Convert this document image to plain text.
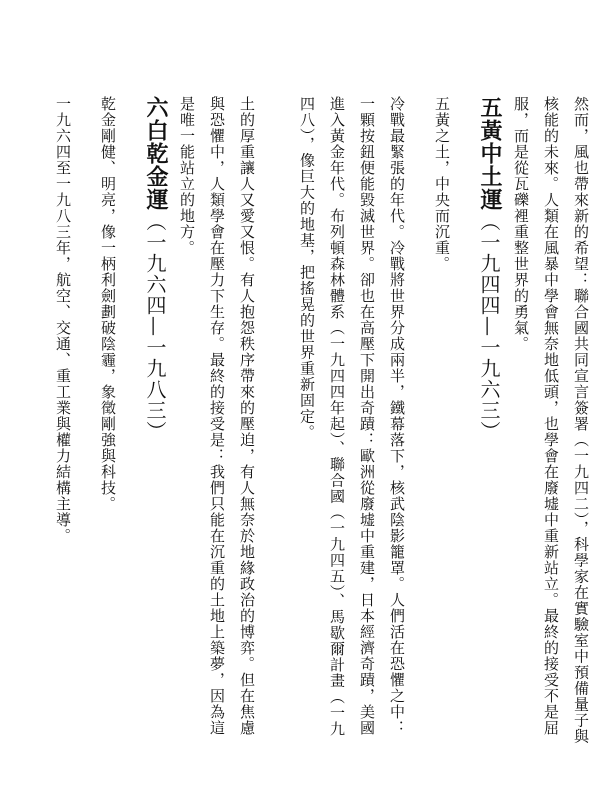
然而，風也帶來新的希望：聯合國共同宣言簽署（一九四二），科學家在實驗室中預備量子與核能的未來。人類在風暴中學會無奈地低頭，也學會在廢墟中重新站立。最終的接受不是屈服，而是從瓦礫裡重整世界的勇氣。

五黃中土運（一九四四—一九六三）

五黃之土，中央而沉重。

冷戰最緊張的年代。冷戰將世界分成兩半，鐵幕落下，核武陰影籠罩。人們活在恐懼之中：一顆按鈕便能毀滅世界。卻也在高壓下開出奇蹟：歐洲從廢墟中重建，日本經濟奇蹟，美國進入黃金年代。布列頓森林體系（一九四四年起）、聯合國（一九四五）、馬歇爾計畫（一九四八），像巨大的地基，把搖晃的世界重新固定。

土的厚重讓人又愛又恨。有人抱怨秩序帶來的壓迫，有人無奈於地緣政治的博弈。但在焦慮與恐懼中，人類學會在壓力下生存。最終的接受是：我們只能在沉重的土地上築夢，因為這是唯一能站立的地方。

六白乾金運（一九六四—一九八三）

乾金剛健、明亮，像一柄利劍劃破陰霾，象徵剛強與科技。

一九六四至一九八三年，航空、交通、重工業與權力結構主導。
